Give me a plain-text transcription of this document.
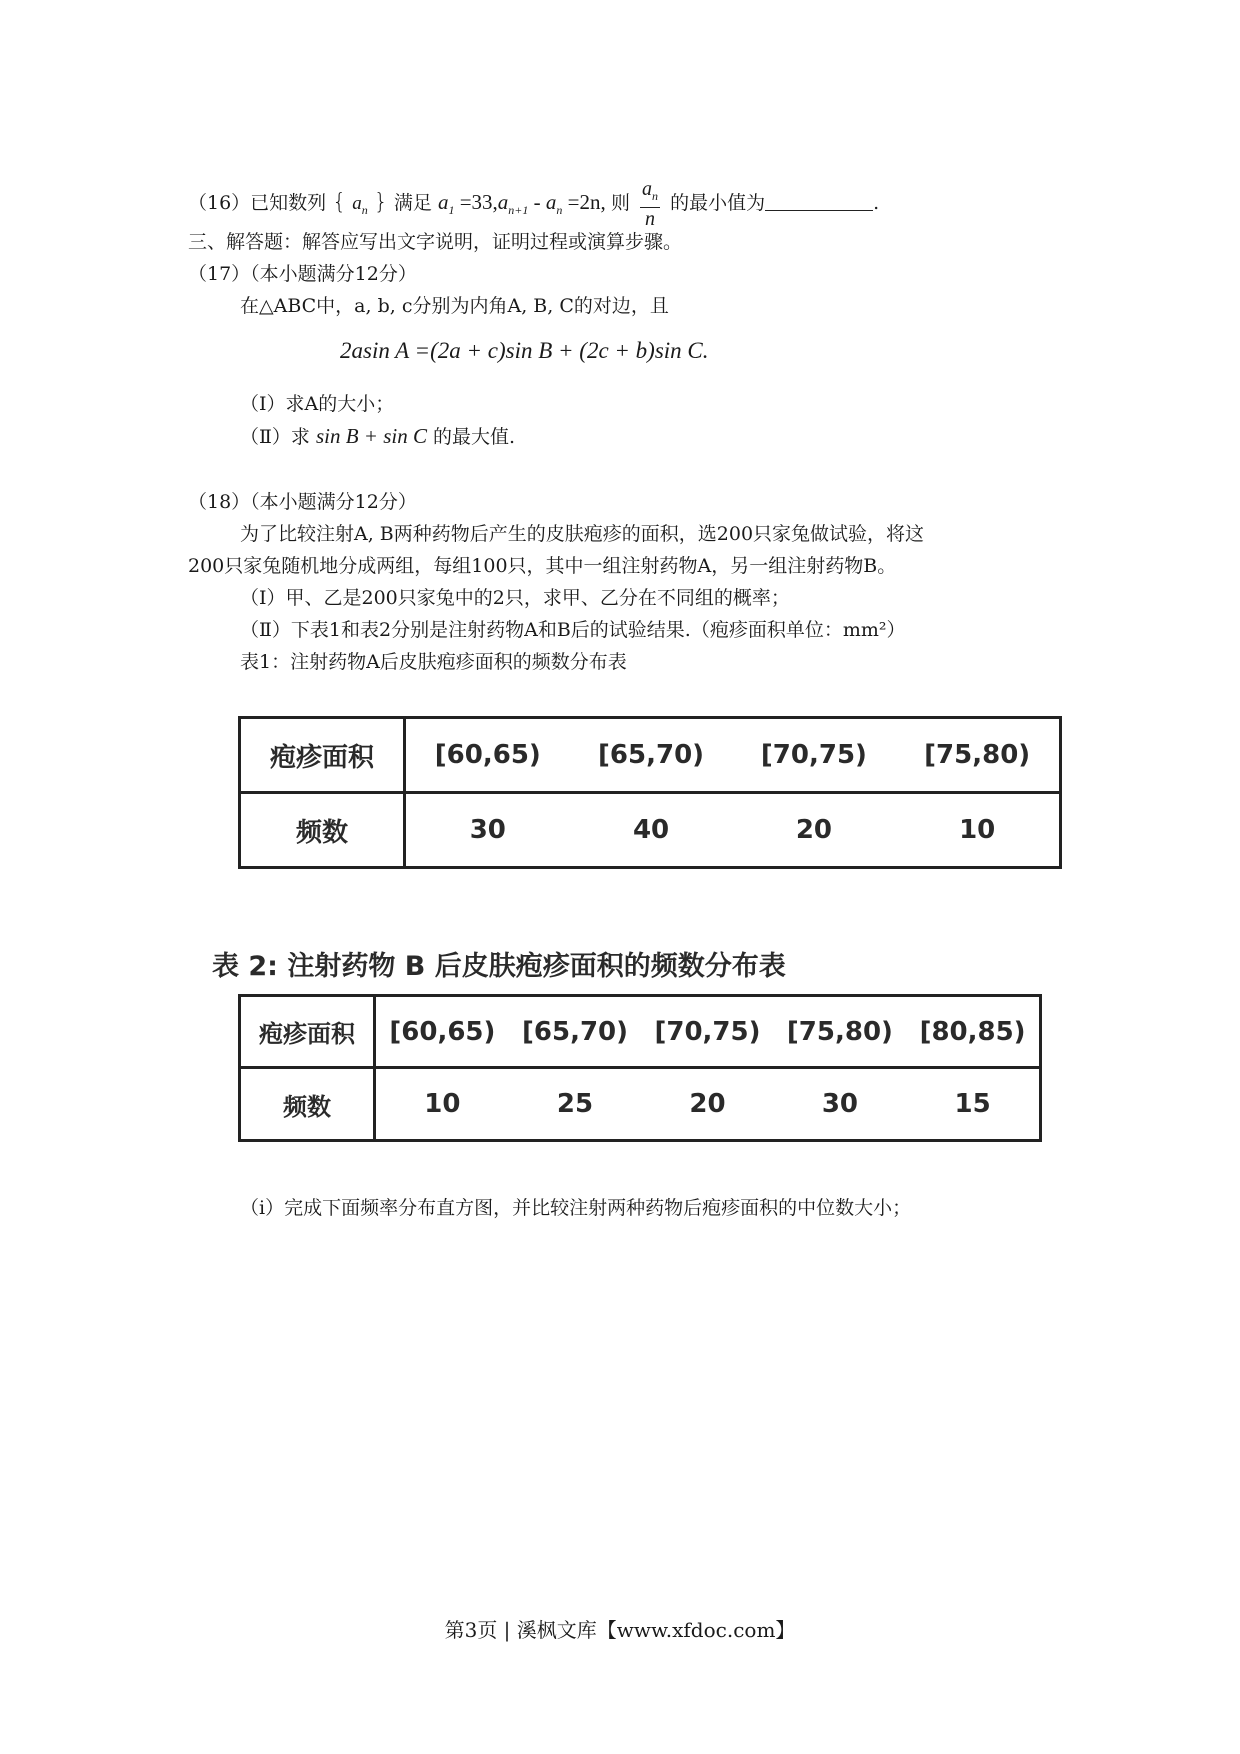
（16）已知数列 { $a_n$ } 满足 $a_1 =33,a_{n+1} - a_n =2n$, 则 $\frac{a_n}{n}$ 的最小值为	.
三、解答题：解答应写出文字说明，证明过程或演算步骤。
（17）（本小题满分12分）
在△ABC中，a, b, c分别为内角A, B, C的对边，且
2asin A =(2a + c)sin B + (2c + b)sin C.
（Ⅰ）求A的大小；
（Ⅱ）求 sin B + sin C 的最大值.
（18）（本小题满分12分）
为了比较注射A, B两种药物后产生的皮肤疱疹的面积，选200只家兔做试验，将这
200只家兔随机地分成两组，每组100只，其中一组注射药物A，另一组注射药物B。
（Ⅰ）甲、乙是200只家兔中的2只，求甲、乙分在不同组的概率；
（Ⅱ）下表1和表2分别是注射药物A和B后的试验结果.（疱疹面积单位：mm²）
表1：注射药物A后皮肤疱疹面积的频数分布表
疱疹面积	[60,65)	[65,70)	[70,75)	[75,80)
频数	30	40	20	10
表 2: 注射药物 B 后皮肤疱疹面积的频数分布表
疱疹面积	[60,65)	[65,70)	[70,75)	[75,80)	[80,85)
频数	10	25	20	30	15
（ⅰ）完成下面频率分布直方图，并比较注射两种药物后疱疹面积的中位数大小；
第3页 | 溪枫文库【www.xfdoc.com】
